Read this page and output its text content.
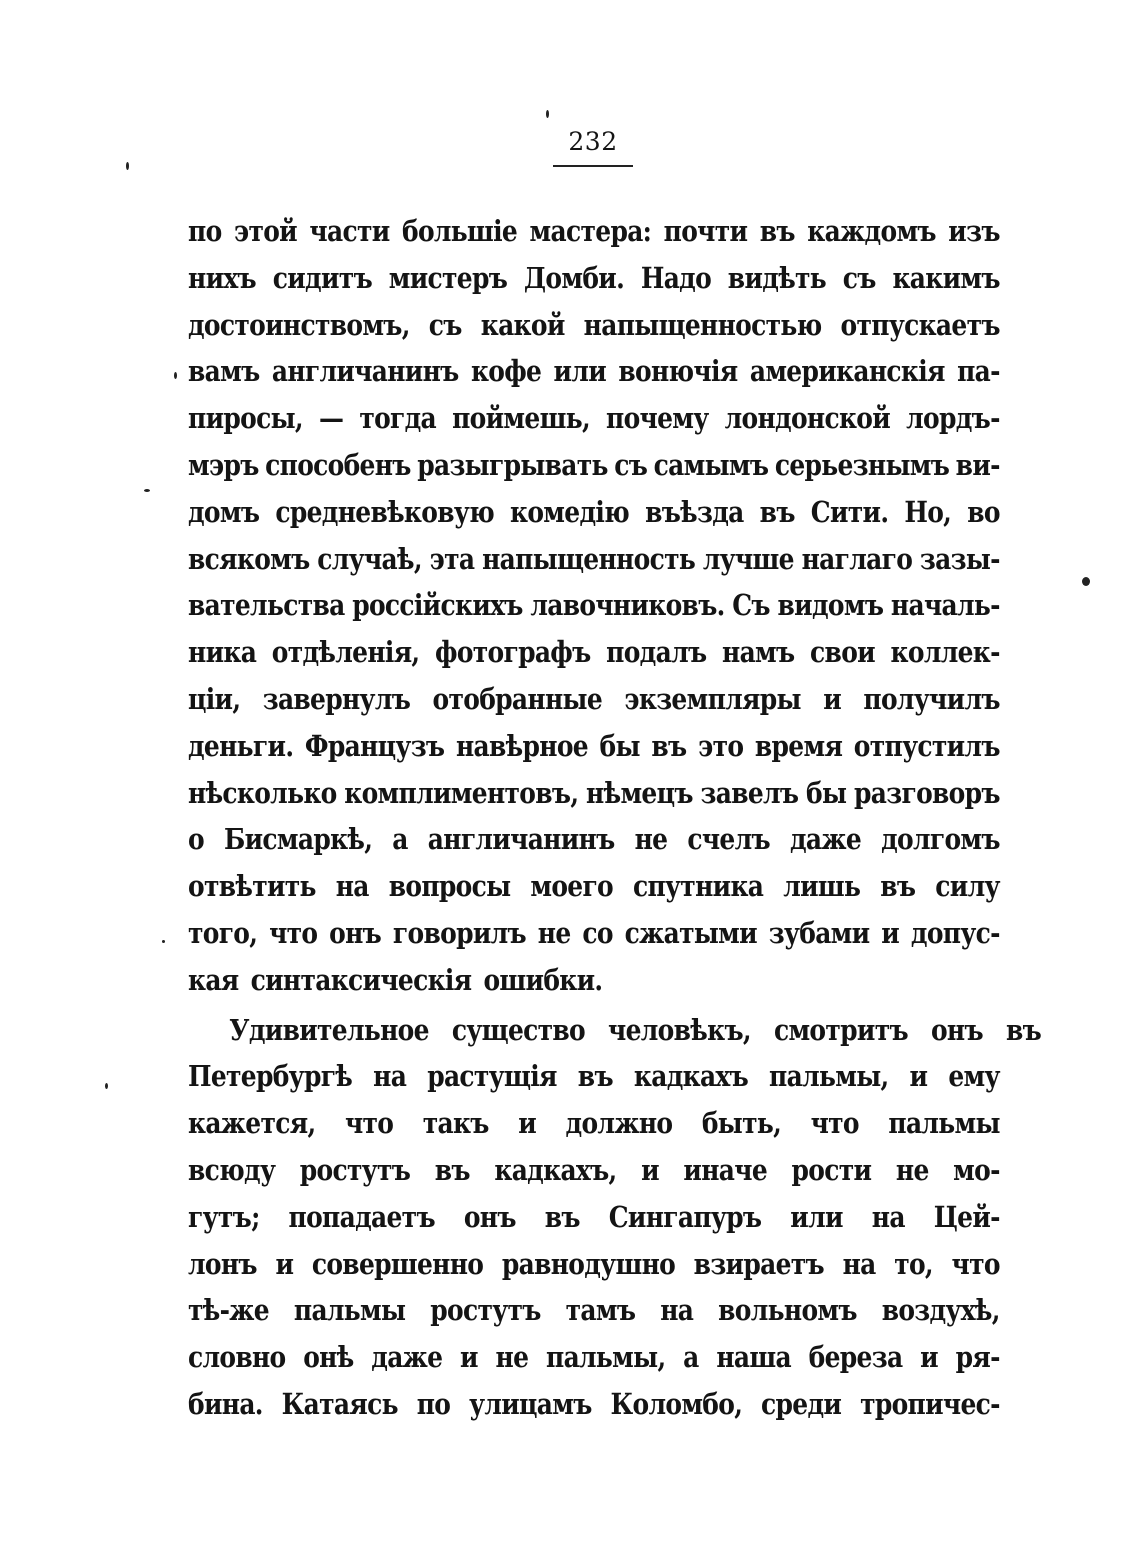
232
по этой части большіе мастера: почти въ каждомъ изъ
нихъ сидитъ мистеръ Домби. Надо видѣть съ какимъ
достоинствомъ, съ какой напыщенностью отпускаетъ
вамъ англичанинъ кофе или вонючія американскія па-
пиросы, — тогда поймешь, почему лондонской лордъ-
мэръ способенъ разыгрывать съ самымъ серьезнымъ ви-
домъ средневѣковую комедію въѣзда въ Сити. Но, во
всякомъ случаѣ, эта напыщенность лучше наглаго зазы-
вательства россійскихъ лавочниковъ. Съ видомъ началь-
ника отдѣленія, фотографъ подалъ намъ свои коллек-
ціи, завернулъ отобранные экземпляры и получилъ
деньги. Французъ навѣрное бы въ это время отпустилъ
нѣсколько комплиментовъ, нѣмецъ завелъ бы разговоръ
о Бисмаркѣ, а англичанинъ не счелъ даже долгомъ
отвѣтить на вопросы моего спутника лишь въ силу
того, что онъ говорилъ не со сжатыми зубами и допус-
кая синтаксическія ошибки.
Удивительное существо человѣкъ, смотритъ онъ въ
Петербургѣ на растущія въ кадкахъ пальмы, и ему
кажется, что такъ и должно быть, что пальмы
всюду ростутъ въ кадкахъ, и иначе рости не мо-
гутъ; попадаетъ онъ въ Сингапуръ или на Цей-
лонъ и совершенно равнодушно взираетъ на то, что
тѣ-же пальмы ростутъ тамъ на вольномъ воздухѣ,
словно онѣ даже и не пальмы, а наша береза и ря-
бина. Катаясь по улицамъ Коломбо, среди тропичес-
